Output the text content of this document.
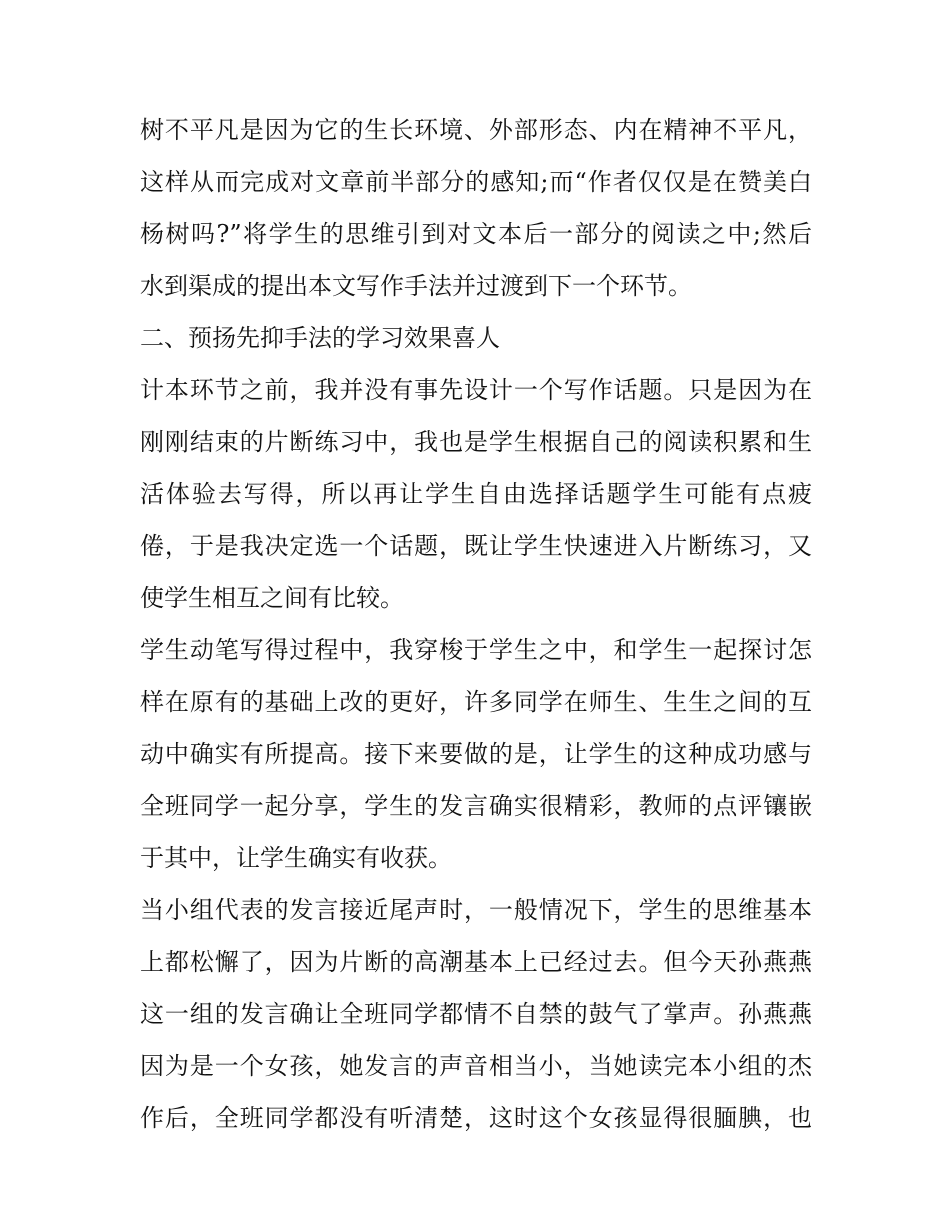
树不平凡是因为它的生长环境、外部形态、内在精神不平凡，
这样从而完成对文章前半部分的感知;而“作者仅仅是在赞美白
杨树吗?”将学生的思维引到对文本后一部分的阅读之中;然后
水到渠成的提出本文写作手法并过渡到下一个环节。
二、预扬先抑手法的学习效果喜人
计本环节之前，我并没有事先设计一个写作话题。只是因为在
刚刚结束的片断练习中，我也是学生根据自己的阅读积累和生
活体验去写得，所以再让学生自由选择话题学生可能有点疲
倦，于是我决定选一个话题，既让学生快速进入片断练习，又
使学生相互之间有比较。
学生动笔写得过程中，我穿梭于学生之中，和学生一起探讨怎
样在原有的基础上改的更好，许多同学在师生、生生之间的互
动中确实有所提高。接下来要做的是，让学生的这种成功感与
全班同学一起分享，学生的发言确实很精彩，教师的点评镶嵌
于其中，让学生确实有收获。
当小组代表的发言接近尾声时，一般情况下，学生的思维基本
上都松懈了，因为片断的高潮基本上已经过去。但今天孙燕燕
这一组的发言确让全班同学都情不自禁的鼓气了掌声。孙燕燕
因为是一个女孩，她发言的声音相当小，当她读完本小组的杰
作后，全班同学都没有听清楚，这时这个女孩显得很腼腆，也
